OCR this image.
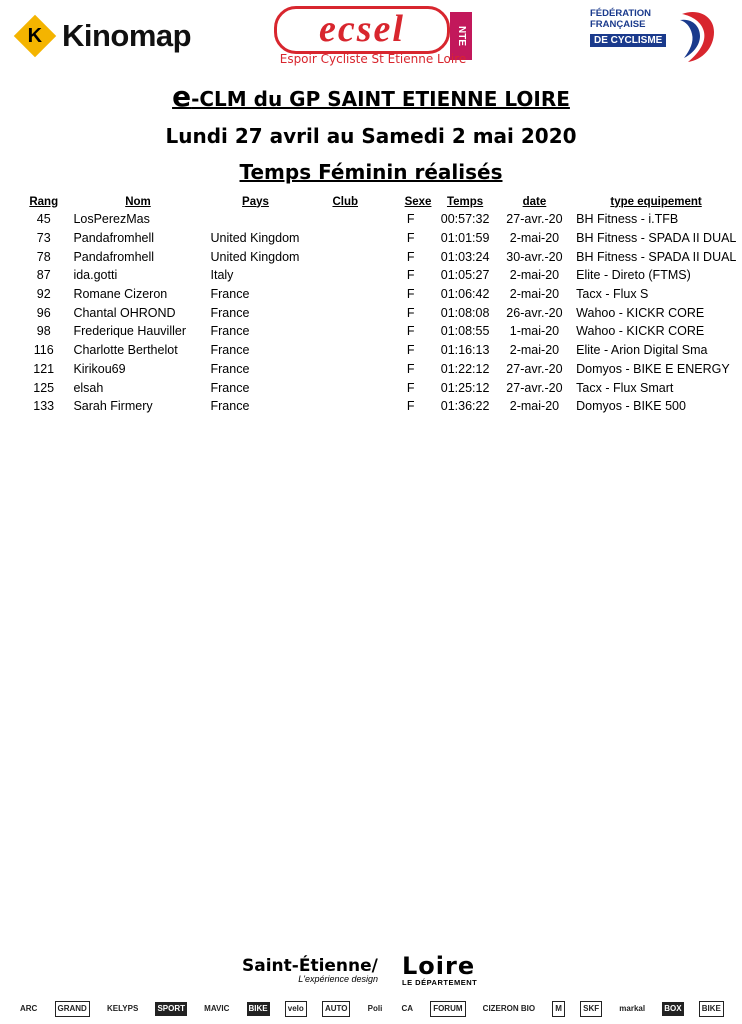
K Kinomap	ecsel	NTE
Espoir Cycliste St Etienne Loire
FÉDÉRATION
FRANÇAISE
DE CYCLISME
e-CLM du GP SAINT ETIENNE LOIRE
Lundi 27 avril au Samedi 2 mai 2020
Temps Féminin réalisés
Rang	Nom	Pays	Club	Sexe	Temps	date	type equipement
45	LosPerezMas			F	00:57:32	27-avr.-20	BH Fitness - i.TFB
73	Pandafromhell	United Kingdom		F	01:01:59	2-mai-20	BH Fitness - SPADA II DUAL
78	Pandafromhell	United Kingdom		F	01:03:24	30-avr.-20	BH Fitness - SPADA II DUAL
87	ida.gotti	Italy		F	01:05:27	2-mai-20	Elite - Direto (FTMS)
92	Romane Cizeron	France		F	01:06:42	2-mai-20	Tacx - Flux S
96	Chantal OHROND	France		F	01:08:08	26-avr.-20	Wahoo - KICKR CORE
98	Frederique Hauviller	France		F	01:08:55	1-mai-20	Wahoo - KICKR CORE
116	Charlotte Berthelot	France		F	01:16:13	2-mai-20	Elite - Arion Digital Sma
121	Kirikou69	France		F	01:22:12	27-avr.-20	Domyos - BIKE E ENERGY
125	elsah	France		F	01:25:12	27-avr.-20	Tacx - Flux Smart
133	Sarah Firmery	France		F	01:36:22	2-mai-20	Domyos - BIKE 500
Saint-Étienne/
L'expérience design Loire
LE DÉPARTEMENT
ARC	GRAND	KELYPS SPORT MAVIC BIKE	velo	AUTO	Poli CA	FORUM	CIZERON BIO	M	SKF	markal BOX	BIKE
